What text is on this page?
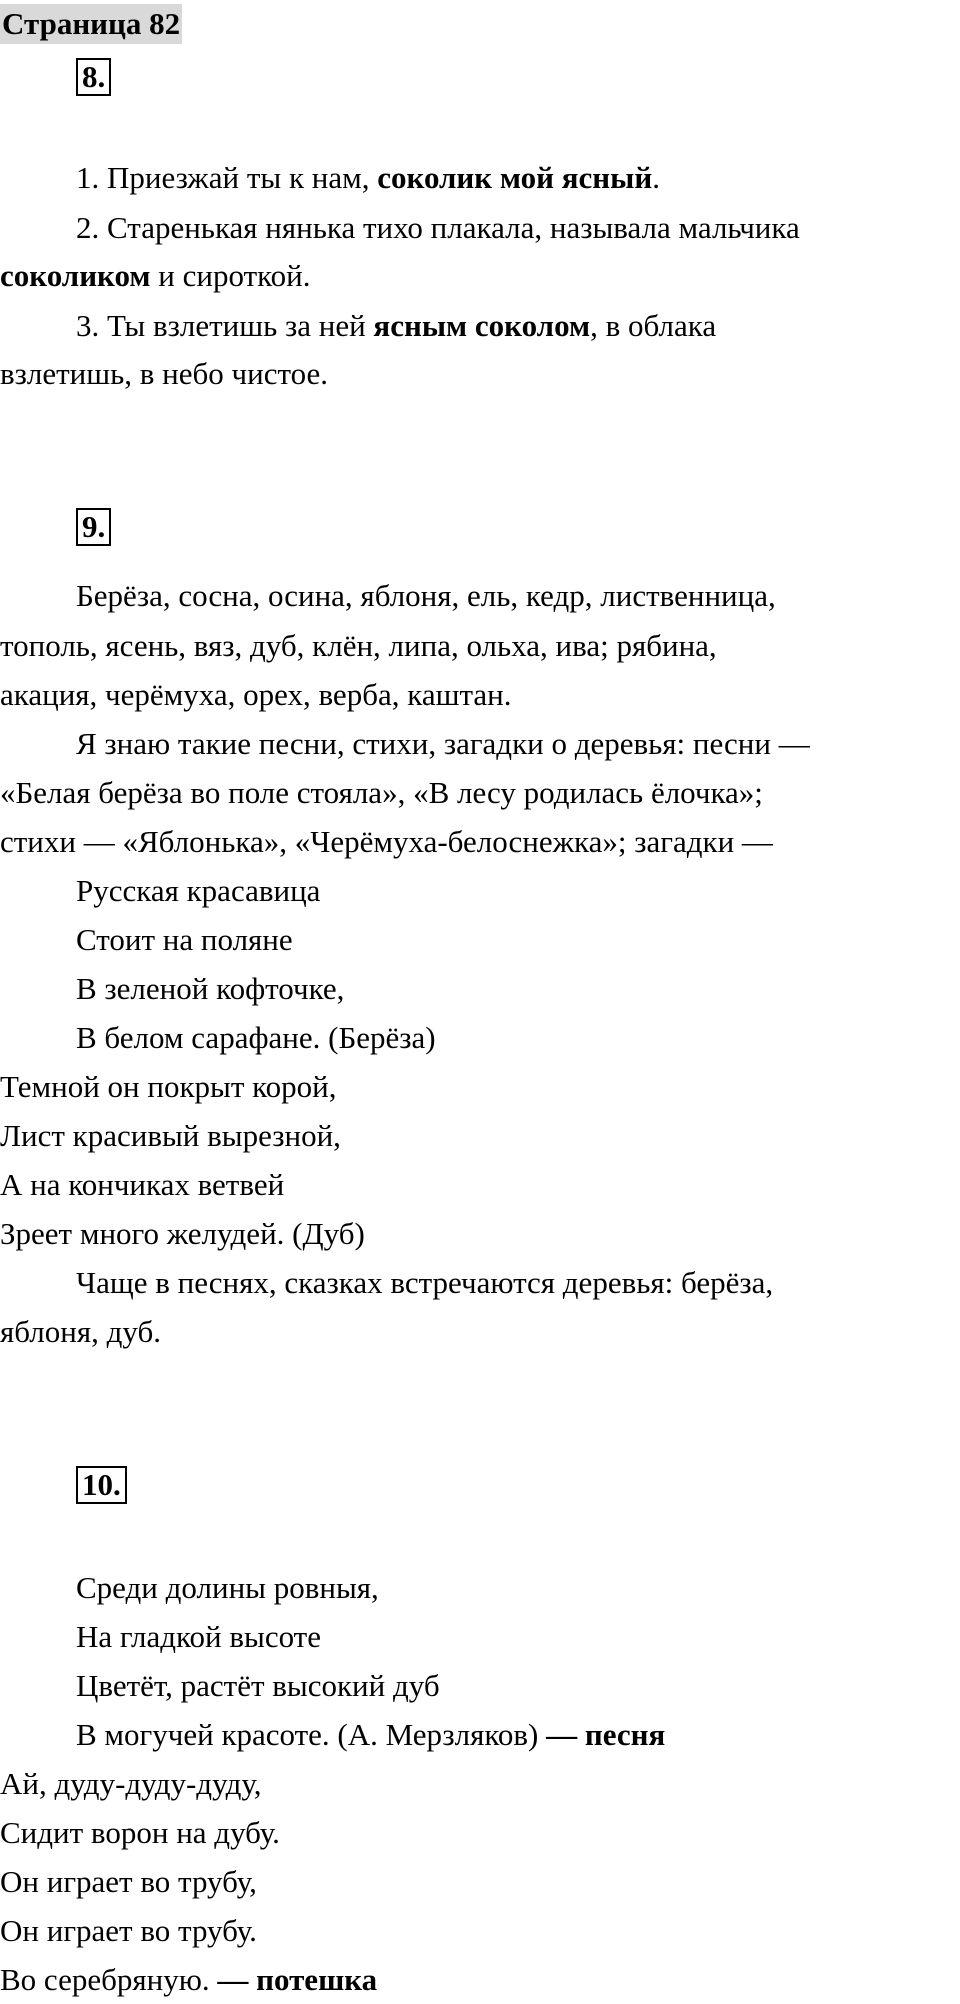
Страница 82
8.

1. Приезжай ты к нам, соколик мой ясный.

2. Старенькая нянька тихо плакала, называла мальчика

соколиком и сироткой.

3. Ты взлетишь за ней ясным соколом, в облака

взлетишь, в небо чистое.

9.

Берёза, сосна, осина, яблоня, ель, кедр, лиственница,

тополь, ясень, вяз, дуб, клён, липа, ольха, ива; рябина,

акация, черёмуха, орех, верба, каштан.

Я знаю такие песни, стихи, загадки о деревья: песни —

«Белая берёза во поле стояла», «В лесу родилась ёлочка»;

стихи — «Яблонька», «Черёмуха-белоснежка»; загадки —

Русская красавица

Стоит на поляне

В зеленой кофточке,

В белом сарафане. (Берёза)

Темной он покрыт корой,

Лист красивый вырезной,

А на кончиках ветвей

Зреет много желудей. (Дуб)

Чаще в песнях, сказках встречаются деревья: берёза,

яблоня, дуб.

10.

Среди долины ровныя,

На гладкой высоте

Цветёт, растёт высокий дуб

В могучей красоте. (А. Мерзляков) — песня

Ай, дуду-дуду-дуду,

Сидит ворон на дубу.

Он играет во трубу,

Он играет во трубу.

Во серебряную. — потешка
